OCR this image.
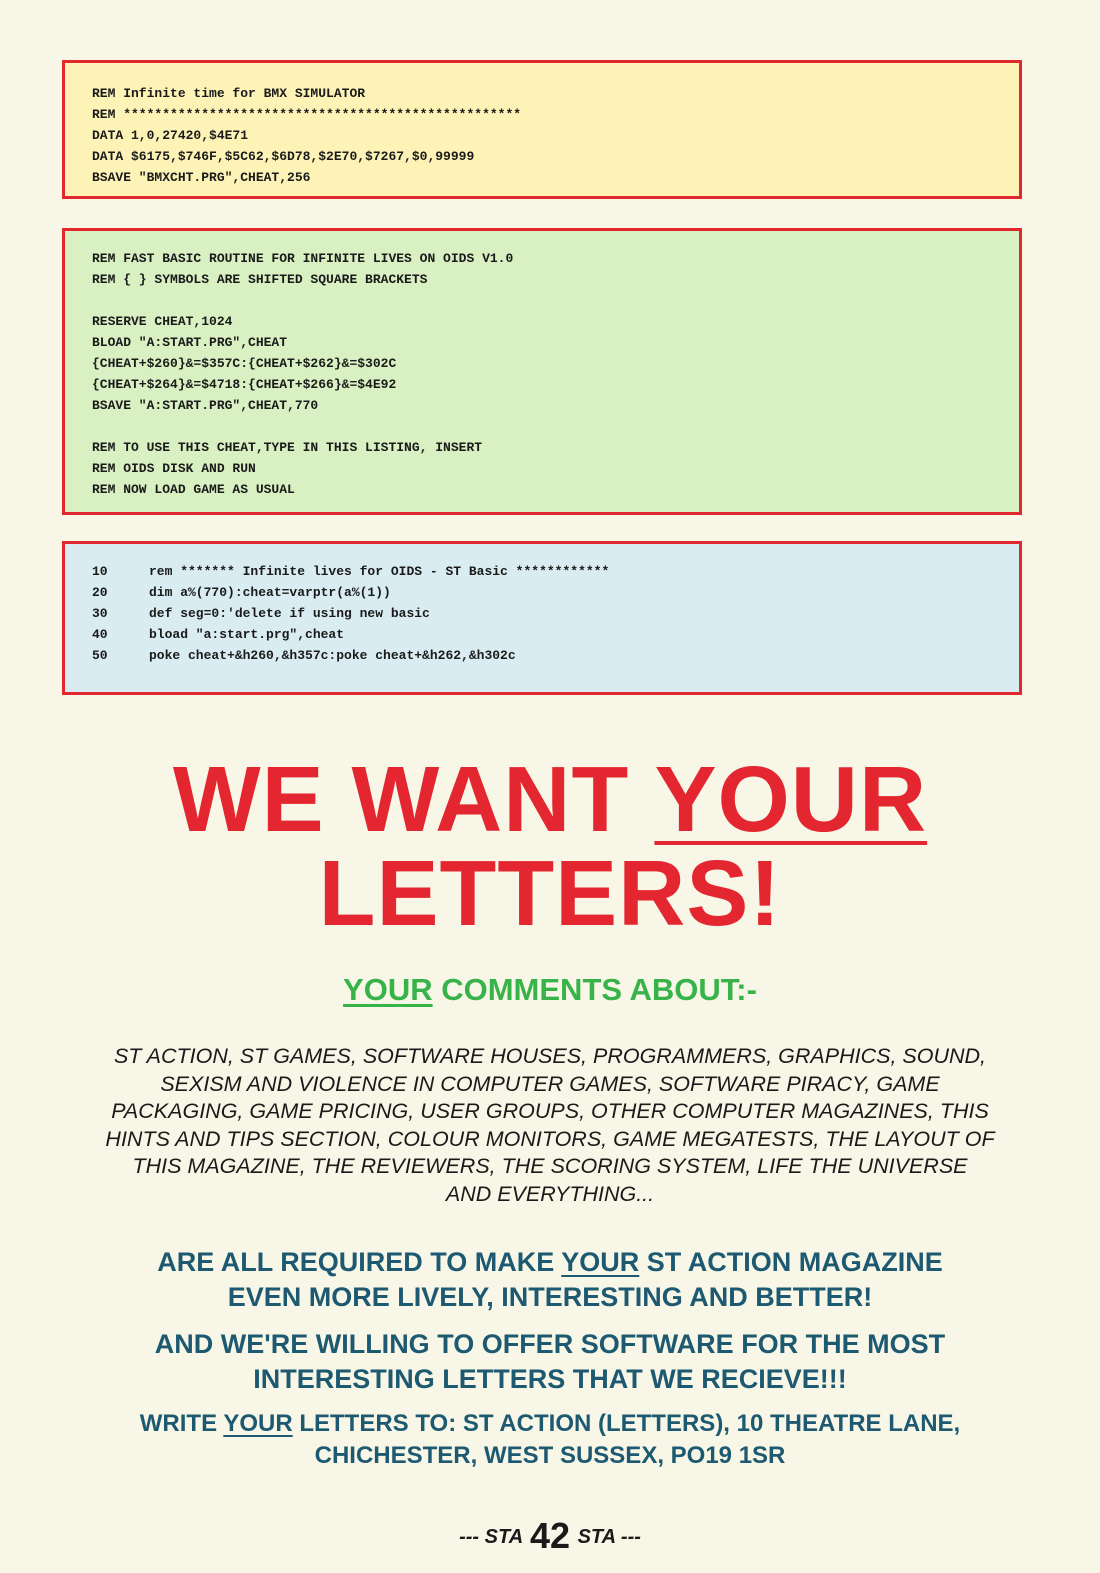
REM Infinite time for BMX SIMULATOR
REM ***************************************************
DATA 1,0,27420,$4E71
DATA $6175,$746F,$5C62,$6D78,$2E70,$7267,$0,99999
BSAVE "BMXCHT.PRG",CHEAT,256
REM FAST BASIC ROUTINE FOR INFINITE LIVES ON OIDS V1.0
REM { } SYMBOLS ARE SHIFTED SQUARE BRACKETS
RESERVE CHEAT,1024
BLOAD "A:START.PRG",CHEAT
{CHEAT+$260}&=$357C:{CHEAT+$262}&=$302C
{CHEAT+$264}&=$4718:{CHEAT+$266}&=$4E92
BSAVE "A:START.PRG",CHEAT,770
REM TO USE THIS CHEAT,TYPE IN THIS LISTING, INSERT
REM OIDS DISK AND RUN
REM NOW LOAD GAME AS USUAL
10	rem ******* Infinite lives for OIDS - ST Basic ************
20	dim a%(770):cheat=varptr(a%(1))
30	def seg=0:'delete if using new basic
40	bload "a:start.prg",cheat
50	poke cheat+&h260,&h357c:poke cheat+&h262,&h302c
WE WANT YOUR
LETTERS!
YOUR COMMENTS ABOUT:-
ST ACTION, ST GAMES, SOFTWARE HOUSES, PROGRAMMERS, GRAPHICS, SOUND,
SEXISM AND VIOLENCE IN COMPUTER GAMES, SOFTWARE PIRACY, GAME
PACKAGING, GAME PRICING, USER GROUPS, OTHER COMPUTER MAGAZINES, THIS
HINTS AND TIPS SECTION, COLOUR MONITORS, GAME MEGATESTS, THE LAYOUT OF
THIS MAGAZINE, THE REVIEWERS, THE SCORING SYSTEM, LIFE THE UNIVERSE
AND EVERYTHING...
ARE ALL REQUIRED TO MAKE YOUR ST ACTION MAGAZINE
EVEN MORE LIVELY, INTERESTING AND BETTER!
AND WE'RE WILLING TO OFFER SOFTWARE FOR THE MOST
INTERESTING LETTERS THAT WE RECIEVE!!!
WRITE YOUR LETTERS TO: ST ACTION (LETTERS), 10 THEATRE LANE,
CHICHESTER, WEST SUSSEX, PO19 1SR
--- STA 42 STA ---
